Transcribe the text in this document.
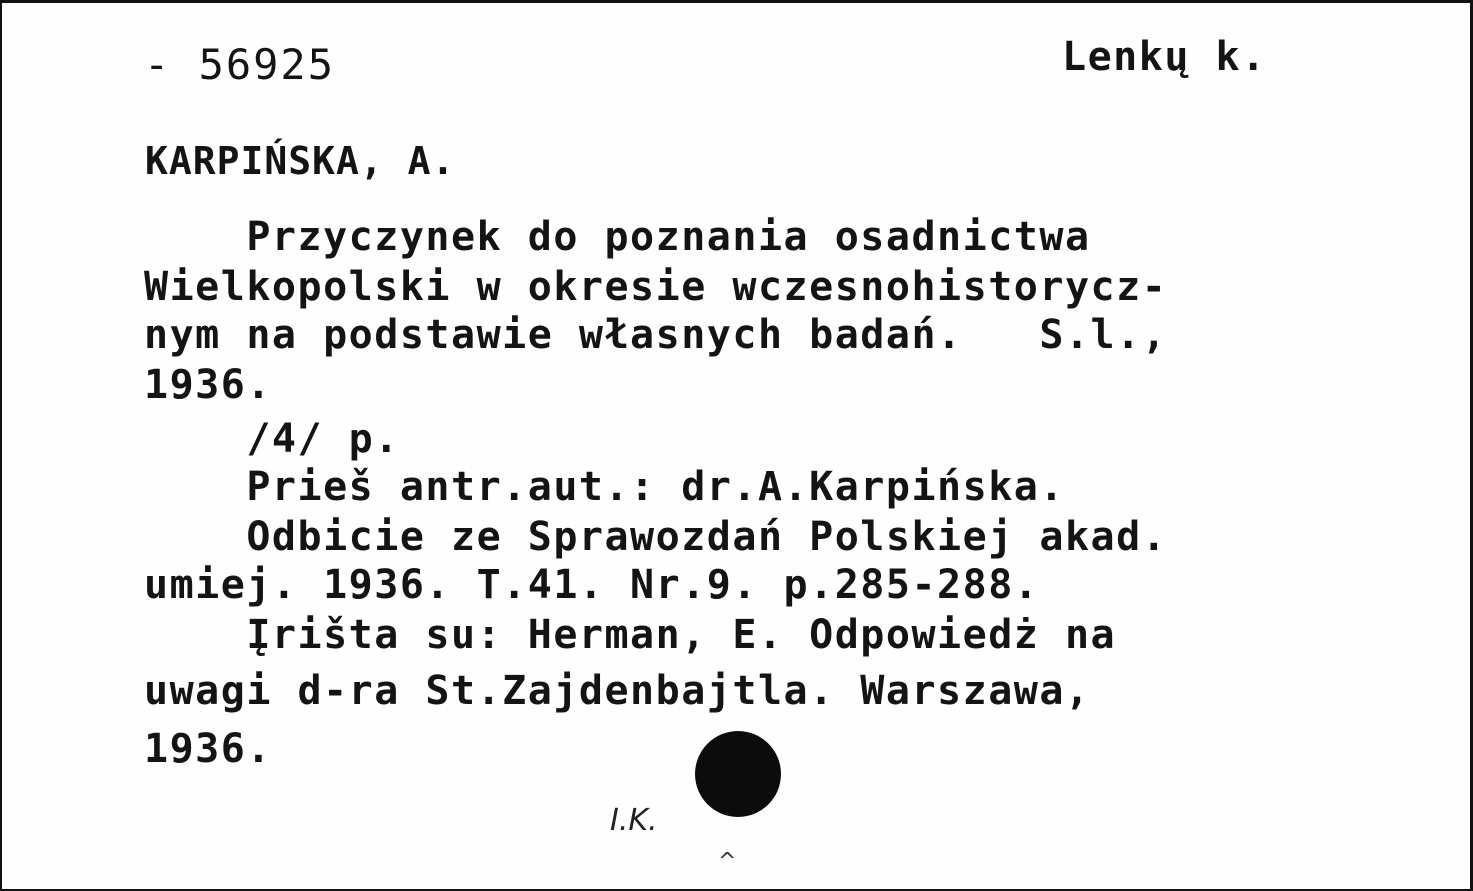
- 56925	Lenkų k.
KARPIŃSKA, A.
Przyczynek do poznania osadnictwa
Wielkopolski w okresie wczesnohistorycz-
nym na podstawie własnych badań.   S.l.,
1936.
/4/ p.
Prieš antr.aut.: dr.A.Karpińska.
Odbicie ze Sprawozdań Polskiej akad.
umiej. 1936. T.41. Nr.9. p.285-288.
Įrišta su: Herman, E. Odpowiedż na
uwagi d-ra St.Zajdenbajtla. Warszawa,
1936.
I.K.
^
